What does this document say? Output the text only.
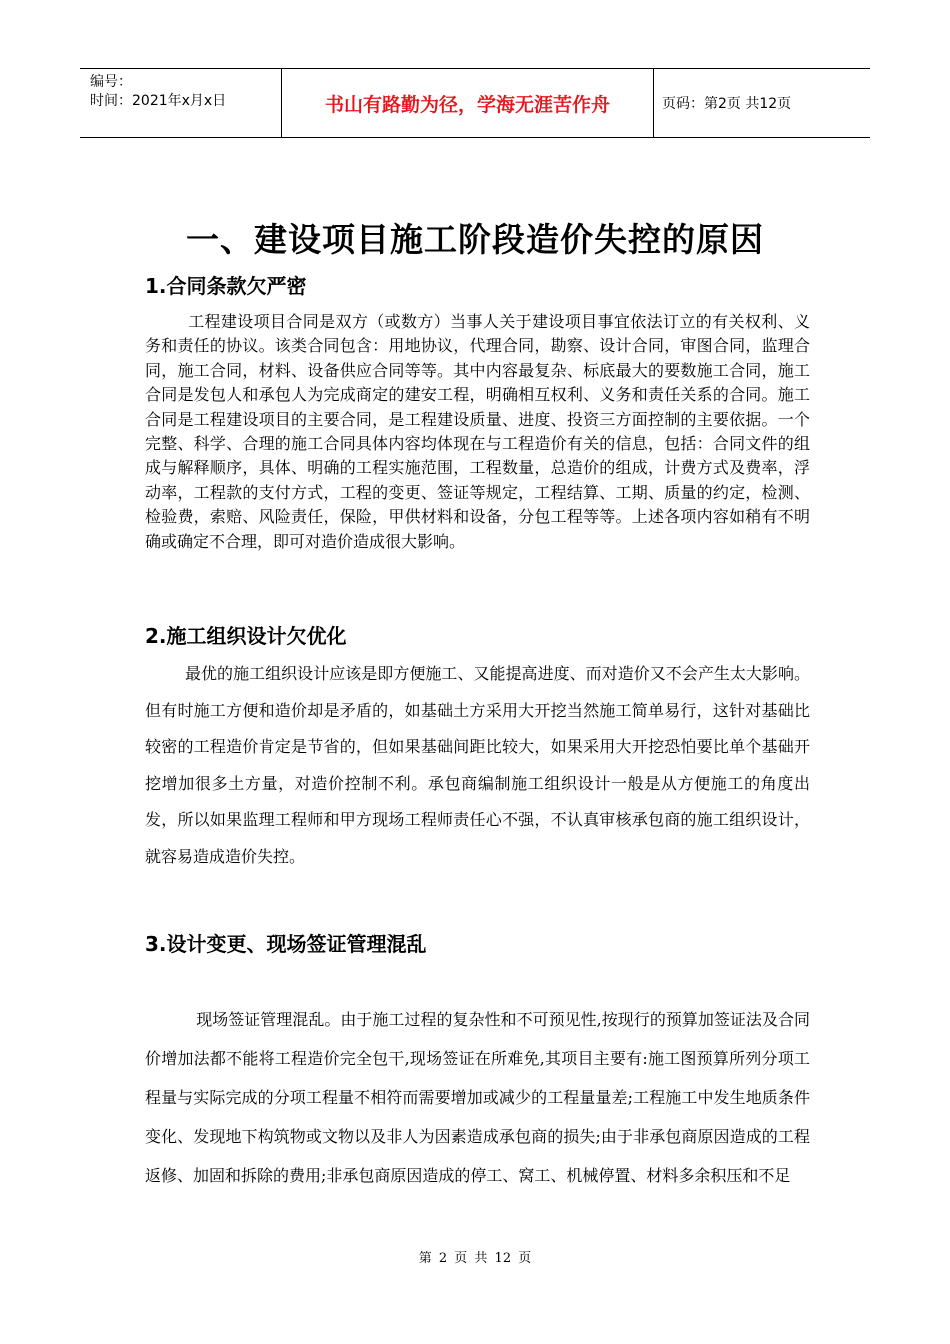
编号：
时间：2021年x月x日	书山有路勤为径，学海无涯苦作舟	页码：第2页 共12页
一、建设项目施工阶段造价失控的原因
1.合同条款欠严密

工程建设项目合同是双方（或数方）当事人关于建设项目事宜依法订立的有关权利、义务和责任的协议。该类合同包含：用地协议，代理合同，勘察、设计合同，审图合同，监理合同，施工合同，材料、设备供应合同等等。其中内容最复杂、标底最大的要数施工合同，施工合同是发包人和承包人为完成商定的建安工程，明确相互权利、义务和责任关系的合同。施工合同是工程建设项目的主要合同，是工程建设质量、进度、投资三方面控制的主要依据。一个完整、科学、合理的施工合同具体内容均体现在与工程造价有关的信息，包括：合同文件的组成与解释顺序，具体、明确的工程实施范围，工程数量，总造价的组成，计费方式及费率，浮动率，工程款的支付方式，工程的变更、签证等规定，工程结算、工期、质量的约定，检测、检验费，索赔、风险责任，保险，甲供材料和设备，分包工程等等。上述各项内容如稍有不明确或确定不合理，即可对造价造成很大影响。

2.施工组织设计欠优化

最优的施工组织设计应该是即方便施工、又能提高进度、而对造价又不会产生太大影响。但有时施工方便和造价却是矛盾的，如基础土方采用大开挖当然施工简单易行，这针对基础比较密的工程造价肯定是节省的，但如果基础间距比较大，如果采用大开挖恐怕要比单个基础开挖增加很多土方量，对造价控制不利。承包商编制施工组织设计一般是从方便施工的角度出发，所以如果监理工程师和甲方现场工程师责任心不强，不认真审核承包商的施工组织设计，就容易造成造价失控。

3.设计变更、现场签证管理混乱

现场签证管理混乱。由于施工过程的复杂性和不可预见性,按现行的预算加签证法及合同价增加法都不能将工程造价完全包干,现场签证在所难免,其项目主要有:施工图预算所列分项工程量与实际完成的分项工程量不相符而需要增加或减少的工程量量差;工程施工中发生地质条件变化、发现地下构筑物或文物以及非人为因素造成承包商的损失;由于非承包商原因造成的工程返修、加固和拆除的费用;非承包商原因造成的停工、窝工、机械停置、材料多余积压和不足

第 2 页 共 12 页
